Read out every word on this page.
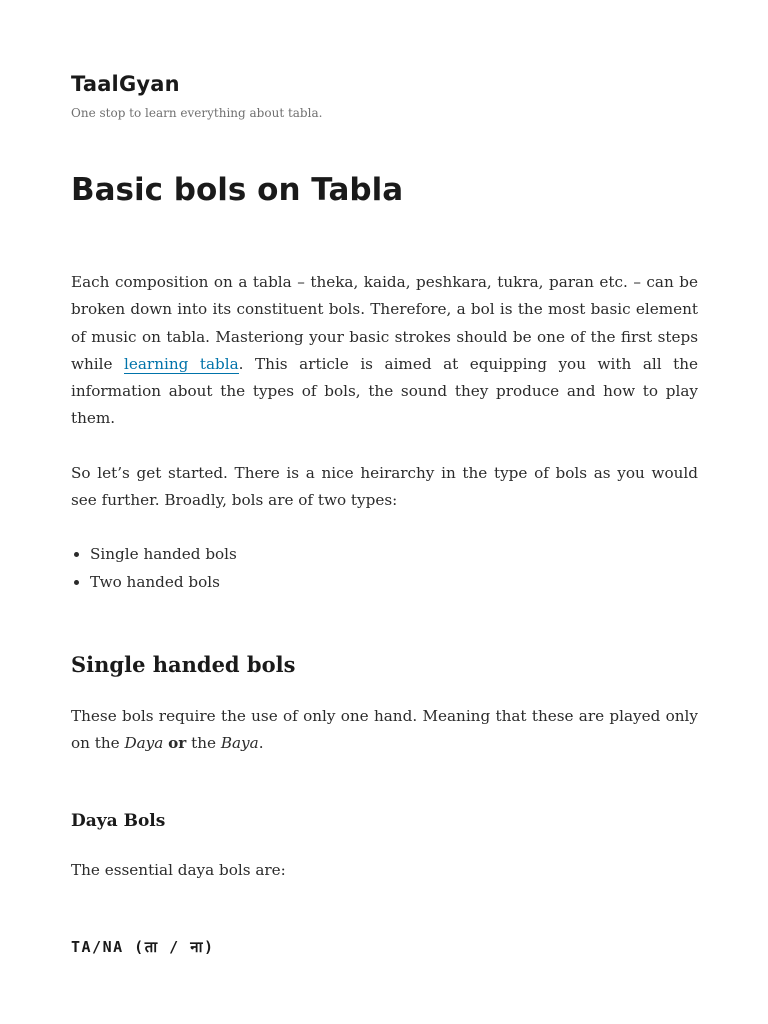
TaalGyan

One stop to learn everything about tabla.

Basic bols on Tabla

Each composition on a tabla – theka, kaida, peshkara, tukra, paran etc. – can be broken down into its constituent bols. Therefore, a bol is the most basic element of music on tabla. Masteriong your basic strokes should be one of the first steps while learning tabla. This article is aimed at equipping you with all the information about the types of bols, the sound they produce and how to play them.

So let’s get started. There is a nice heirarchy in the type of bols as you would see further. Broadly, bols are of two types:

• Single handed bols
• Two handed bols
Single handed bols

These bols require the use of only one hand. Meaning that these are played only on the Daya or the Baya.

Daya Bols

The essential daya bols are:

TA/NA (ता / ना)
